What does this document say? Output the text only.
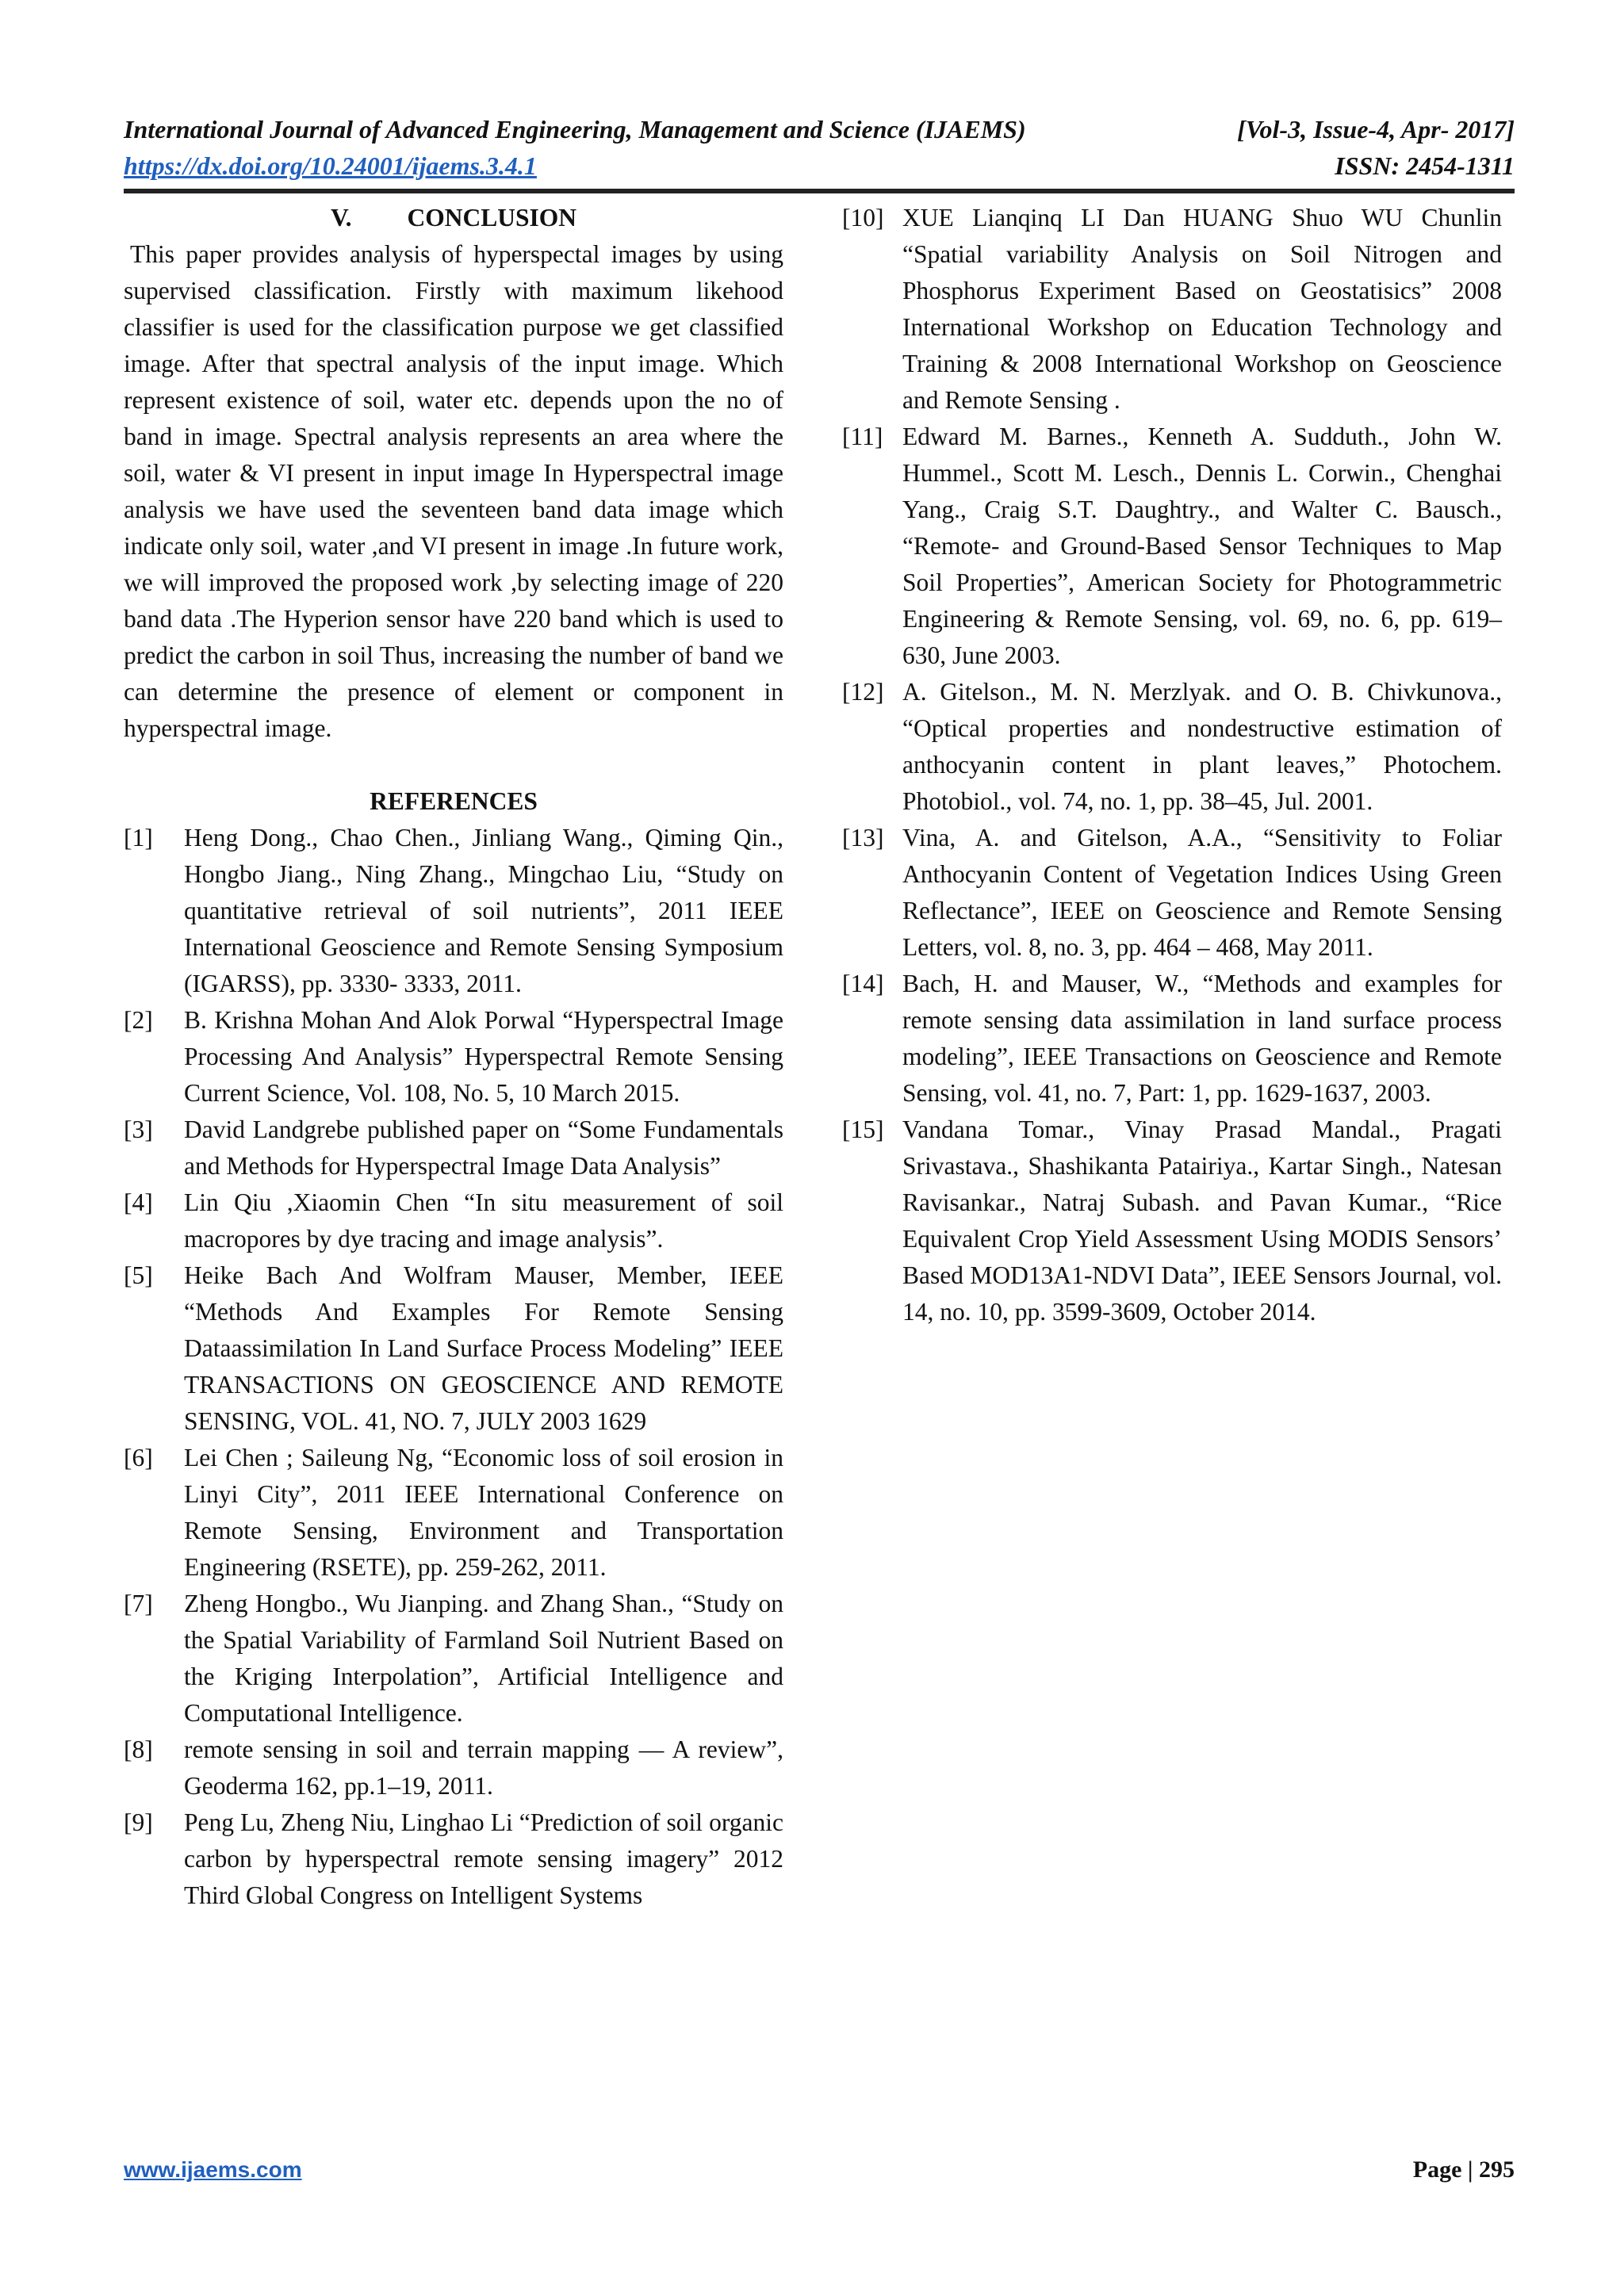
International Journal of Advanced Engineering, Management and Science (IJAEMS)	[Vol-3, Issue-4, Apr- 2017]
https://dx.doi.org/10.24001/ijaems.3.4.1	ISSN: 2454-1311
V. CONCLUSION
This paper provides analysis of hyperspectal images by using supervised classification. Firstly with maximum likehood classifier is used for the classification purpose we get classified image. After that spectral analysis of the input image. Which represent existence of soil, water etc. depends upon the no of band in image. Spectral analysis represents an area where the soil, water & VI present in input image In Hyperspectral image analysis we have used the seventeen band data image which indicate only soil, water ,and VI present in image .In future work, we will improved the proposed work ,by selecting image of 220 band data .The Hyperion sensor have 220 band which is used to predict the carbon in soil Thus, increasing the number of band we can determine the presence of element or component in hyperspectral image.
REFERENCES
[1]	Heng Dong., Chao Chen., Jinliang Wang., Qiming Qin., Hongbo Jiang., Ning Zhang., Mingchao Liu, “Study on quantitative retrieval of soil nutrients”, 2011 IEEE International Geoscience and Remote Sensing Symposium (IGARSS), pp. 3330- 3333, 2011.
[2]	B. Krishna Mohan And Alok Porwal “Hyperspectral Image Processing And Analysis” Hyperspectral Remote Sensing Current Science, Vol. 108, No. 5, 10 March 2015.
[3]	David Landgrebe published paper on “Some Fundamentals and Methods for Hyperspectral Image Data Analysis”
[4]	Lin Qiu ,Xiaomin Chen “In situ measurement of soil macropores by dye tracing and image analysis”.
[5]	Heike Bach And Wolfram Mauser, Member, IEEE “Methods And Examples For Remote Sensing Dataassimilation In Land Surface Process Modeling” IEEE TRANSACTIONS ON GEOSCIENCE AND REMOTE SENSING, VOL. 41, NO. 7, JULY 2003 1629
[6]	Lei Chen ; Saileung Ng, “Economic loss of soil erosion in Linyi City”, 2011 IEEE International Conference on Remote Sensing, Environment and Transportation Engineering (RSETE), pp. 259-262, 2011.
[7]	Zheng Hongbo., Wu Jianping. and Zhang Shan., “Study on the Spatial Variability of Farmland Soil Nutrient Based on the Kriging Interpolation”, Artificial Intelligence and Computational Intelligence.
[8]	remote sensing in soil and terrain mapping — A review”, Geoderma 162, pp.1–19, 2011.
[9]	Peng Lu, Zheng Niu, Linghao Li “Prediction of soil organic carbon by hyperspectral remote sensing imagery” 2012 Third Global Congress on Intelligent Systems
[10] XUE Lianqinq LI Dan HUANG Shuo WU Chunlin “Spatial variability Analysis on Soil Nitrogen and Phosphorus Experiment Based on Geostatisics” 2008 International Workshop on Education Technology and Training & 2008 International Workshop on Geoscience and Remote Sensing .
[11] Edward M. Barnes., Kenneth A. Sudduth., John W. Hummel., Scott M. Lesch., Dennis L. Corwin., Chenghai Yang., Craig S.T. Daughtry., and Walter C. Bausch., “Remote- and Ground-Based Sensor Techniques to Map Soil Properties”, American Society for Photogrammetric Engineering & Remote Sensing, vol. 69, no. 6, pp. 619–630, June 2003.
[12] A. Gitelson., M. N. Merzlyak. and O. B. Chivkunova., “Optical properties and nondestructive estimation of anthocyanin content in plant leaves,” Photochem. Photobiol., vol. 74, no. 1, pp. 38–45, Jul. 2001.
[13] Vina, A. and Gitelson, A.A., “Sensitivity to Foliar Anthocyanin Content of Vegetation Indices Using Green Reflectance”, IEEE on Geoscience and Remote Sensing Letters, vol. 8, no. 3, pp. 464 – 468, May 2011.
[14] Bach, H. and Mauser, W., “Methods and examples for remote sensing data assimilation in land surface process modeling”, IEEE Transactions on Geoscience and Remote Sensing, vol. 41, no. 7, Part: 1, pp. 1629-1637, 2003.
[15] Vandana Tomar., Vinay Prasad Mandal., Pragati Srivastava., Shashikanta Patairiya., Kartar Singh., Natesan Ravisankar., Natraj Subash. and Pavan Kumar., “Rice Equivalent Crop Yield Assessment Using MODIS Sensors’ Based MOD13A1-NDVI Data”, IEEE Sensors Journal, vol. 14, no. 10, pp. 3599-3609, October 2014.
www.ijaems.com	Page | 295
